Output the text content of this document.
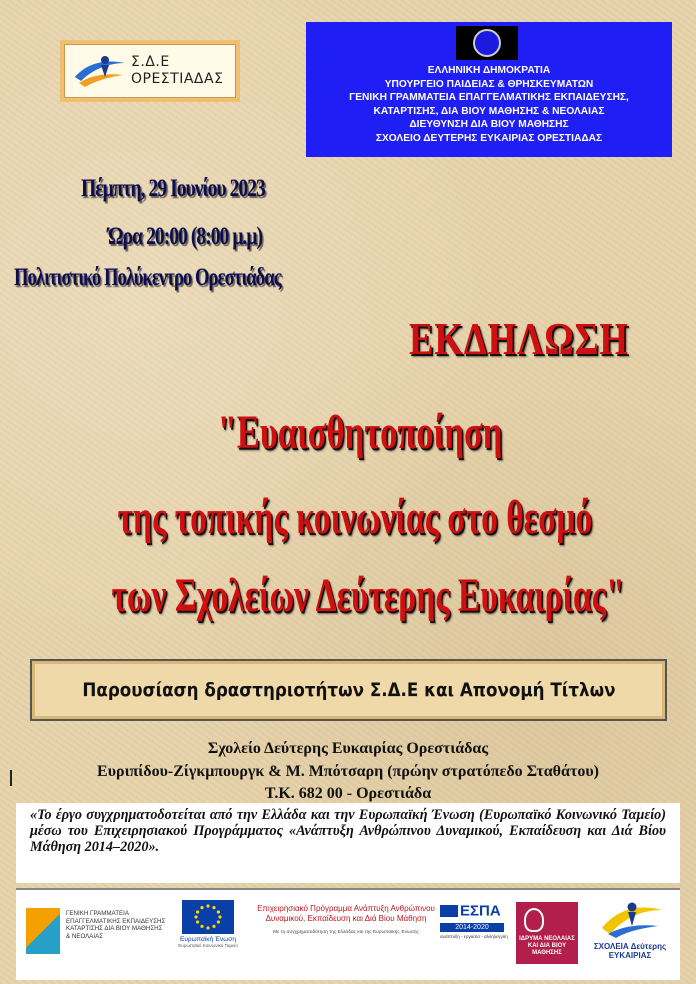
Σ.Δ.Ε
ΟΡΕΣΤΙΑΔΑΣ
ΕΛΛΗΝΙΚΗ ΔΗΜΟΚΡΑΤΙΑ
ΥΠΟΥΡΓΕΙΟ ΠΑΙΔΕΙΑΣ & ΘΡΗΣΚΕΥΜΑΤΩΝ
ΓΕΝΙΚΗ ΓΡΑΜΜΑΤΕΙΑ ΕΠΑΓΓΕΛΜΑΤΙΚΗΣ ΕΚΠΑΙΔΕΥΣΗΣ,
ΚΑΤΑΡΤΙΣΗΣ, ΔΙΑ ΒΙΟΥ ΜΑΘΗΣΗΣ & ΝΕΟΛΑΙΑΣ
ΔΙΕΥΘΥΝΣΗ ΔΙΑ ΒΙΟΥ ΜΑΘΗΣΗΣ
ΣΧΟΛΕΙΟ ΔΕΥΤΕΡΗΣ ΕΥΚΑΙΡΙΑΣ ΟΡΕΣΤΙΑΔΑΣ
Πέμπτη, 29 Ιουνίου 2023
Ώρα 20:00 (8:00 μ.μ)
Πολιτιστικό Πολύκεντρο Ορεστιάδας
ΕΚΔΗΛΩΣΗ
"Ευαισθητοποίηση
της τοπικής κοινωνίας στο θεσμό
των Σχολείων Δεύτερης Ευκαιρίας"
Παρουσίαση δραστηριοτήτων Σ.Δ.Ε και Απονομή Τίτλων
Σχολείο Δεύτερης Ευκαιρίας Ορεστιάδας
Ευριπίδου-Ζίγκμπουργκ & Μ. Μπότσαρη (πρώην στρατόπεδο Σταθάτου)
Τ.Κ. 682 00 - Ορεστιάδα
«Το έργο συγχρηματοδοτείται από την Ελλάδα και την Ευρωπαϊκή Ένωση (Ευρωπαϊκό Κοινωνικό Ταμείο) μέσω του Επιχειρησιακού Προγράμματος «Ανάπτυξη Ανθρώπινου Δυναμικού, Εκπαίδευση και Διά Βίου Μάθηση 2014–2020».
ΓΕΝΙΚΗ ΓΡΑΜΜΑΤΕΙΑ ΕΠΑΓΓΕΛΜΑΤΙΚΗΣ ΕΚΠΑΙΔΕΥΣΗΣ ΚΑΤΑΡΤΙΣΗΣ ΔΙΑ ΒΙΟΥ ΜΑΘΗΣΗΣ & ΝΕΟΛΑΙΑΣ	Ευρωπαϊκή Ένωση
Ευρωπαϊκό Κοινωνικό Ταμείο
Επιχειρησιακό Πρόγραμμα Ανάπτυξη Ανθρώπινου Δυναμικού, Εκπαίδευση και Διά Βίου Μάθηση
Με τη συγχρηματοδότηση της Ελλάδας και της Ευρωπαϊκής Ένωσης
ΕΣΠΑ
2014-2020
ανάπτυξη - εργασία - αλληλεγγύη	ΙΔΡΥΜΑ ΝΕΟΛΑΙΑΣ ΚΑΙ ΔΙΑ ΒΙΟΥ ΜΑΘΗΣΗΣ
ΣΧΟΛΕΙΑ Δεύτερης ΕΥΚΑΙΡΙΑΣ
